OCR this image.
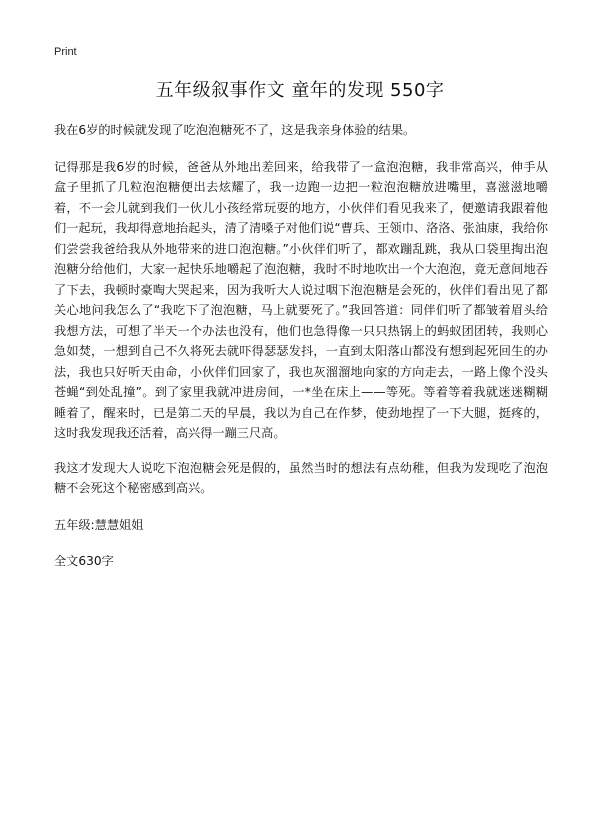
Print
五年级叙事作文 童年的发现 550字

我在6岁的时候就发现了吃泡泡糖死不了，这是我亲身体验的结果。

记得那是我6岁的时候，爸爸从外地出差回来，给我带了一盒泡泡糖，我非常高兴，伸手从盒子里抓了几粒泡泡糖便出去炫耀了，我一边跑一边把一粒泡泡糖放进嘴里，喜滋滋地嚼着，不一会儿就到我们一伙儿小孩经常玩耍的地方，小伙伴们看见我来了，便邀请我跟着他们一起玩，我却得意地抬起头，清了清嗓子对他们说“曹兵、王领巾、洛洛、张油康，我给你们尝尝我爸给我从外地带来的进口泡泡糖。”小伙伴们听了，都欢蹦乱跳，我从口袋里掏出泡泡糖分给他们，大家一起快乐地嚼起了泡泡糖，我时不时地吹出一个大泡泡，竟无意间地吞了下去，我顿时豪啕大哭起来，因为我听大人说过咽下泡泡糖是会死的，伙伴们看出见了都关心地问我怎么了“我吃下了泡泡糖，马上就要死了。”我回答道：同伴们听了都皱着眉头给我想方法，可想了半天一个办法也没有，他们也急得像一只只热锅上的蚂蚁团团转，我则心急如焚，一想到自己不久将死去就吓得瑟瑟发抖，一直到太阳落山都没有想到起死回生的办法，我也只好听天由命，小伙伴们回家了，我也灰溜溜地向家的方向走去，一路上像个没头苍蝇“到处乱撞”。到了家里我就冲进房间，一*坐在床上——等死。等着等着我就迷迷糊糊睡着了，醒来时，已是第二天的早晨，我以为自己在作梦，使劲地捏了一下大腿，挺疼的，这时我发现我还活着，高兴得一蹦三尺高。

我这才发现大人说吃下泡泡糖会死是假的，虽然当时的想法有点幼稚，但我为发现吃了泡泡糖不会死这个秘密感到高兴。

五年级:慧慧姐姐

全文630字
